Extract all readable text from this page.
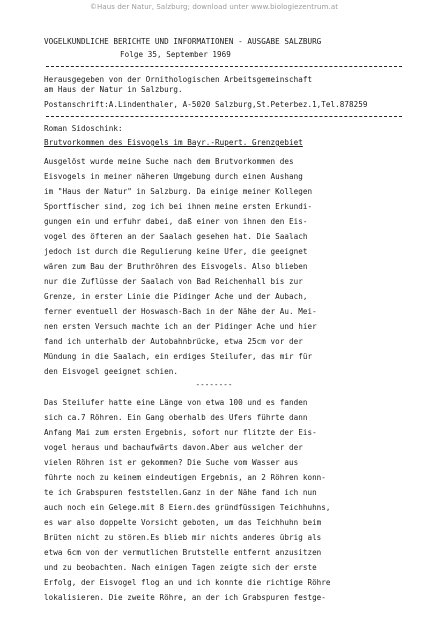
©Haus der Natur, Salzburg; download unter www.biologiezentrum.at
VOGELKUNDLICHE BERICHTE UND INFORMATIONEN - AUSGABE SALZBURG
Folge 35, September 1969
Herausgegeben von der Ornithologischen Arbeitsgemeinschaft
am Haus der Natur in Salzburg.
Postanschrift:A.Lindenthaler, A-5020 Salzburg,St.Peterbez.1,Tel.878259
Roman Sidoschink:
Brutvorkommen des Eisvogels im Bayr.-Rupert. Grenzgebiet
Ausgelöst wurde meine Suche nach dem Brutvorkommen des
Eisvogels in meiner näheren Umgebung durch einen Aushang
im "Haus der Natur" in Salzburg. Da einige meiner Kollegen
Sportfischer sind, zog ich bei ihnen meine ersten Erkundi-
gungen ein und erfuhr dabei, daß einer von ihnen den Eis-
vogel des öfteren an der Saalach gesehen hat. Die Saalach
jedoch ist durch die Regulierung keine Ufer, die geeignet
wären zum Bau der Bruthröhren des Eisvogels. Also blieben
nur die Zuflüsse der Saalach von Bad Reichenhall bis zur
Grenze, in erster Linie die Pidinger Ache und der Aubach,
ferner eventuell der Hoswasch-Bach in der Nähe der Au. Mei-
nen ersten Versuch machte ich an der Pidinger Ache und hier
fand ich unterhalb der Autobahnbrücke, etwa 25cm vor der
Mündung in die Saalach, ein erdiges Steilufer, das mir für
den Eisvogel geeignet schien.
--------
Das Steilufer hatte eine Länge von etwa 100 und es fanden
sich ca.7 Röhren. Ein Gang oberhalb des Ufers führte dann
Anfang Mai zum ersten Ergebnis, sofort nur flitzte der Eis-
vogel heraus und bachaufwärts davon.Aber aus welcher der
vielen Röhren ist er gekommen? Die Suche vom Wasser aus
führte noch zu keinem eindeutigen Ergebnis, an 2 Röhren konn-
te ich Grabspuren feststellen.Ganz in der Nähe fand ich nun
auch noch ein Gelege.mit 8 Eiern.des gründfüssigen Teichhuhns,
es war also doppelte Vorsicht geboten, um das Teichhuhn beim
Brüten nicht zu stören.Es blieb mir nichts anderes übrig als
etwa 6cm von der vermutlichen Brutstelle entfernt anzusitzen
und zu beobachten. Nach einigen Tagen zeigte sich der erste
Erfolg, der Eisvogel flog an und ich konnte die richtige Röhre
lokalisieren. Die zweite Röhre, an der ich Grabspuren festge-
